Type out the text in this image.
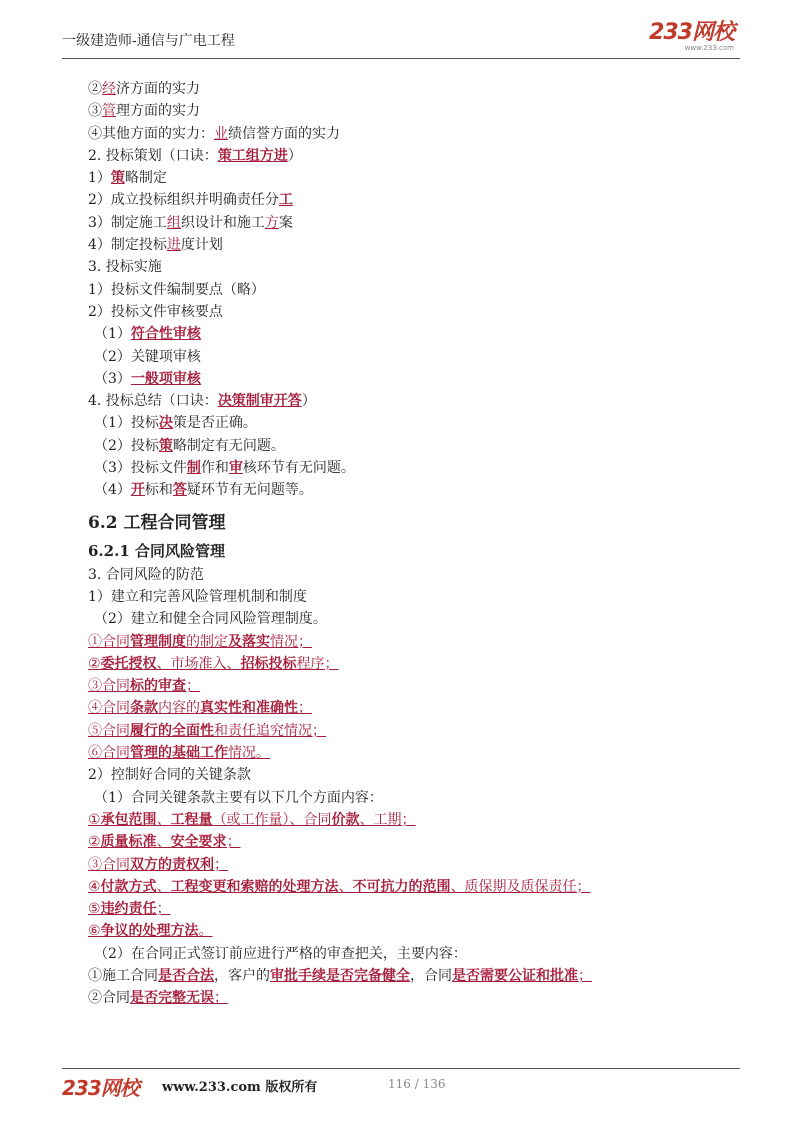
一级建造师-通信与广电工程	233网校
www.233.com
②经济方面的实力
③管理方面的实力
④其他方面的实力：业绩信誉方面的实力
2. 投标策划（口诀：策工组方进）
1）策略制定
2）成立投标组织并明确责任分工
3）制定施工组织设计和施工方案
4）制定投标进度计划
3. 投标实施
1）投标文件编制要点（略）
2）投标文件审核要点
（1）符合性审核
（2）关键项审核
（3）一般项审核
4. 投标总结（口诀：决策制审开答）
（1）投标决策是否正确。
（2）投标策略制定有无问题。
（3）投标文件制作和审核环节有无问题。
（4）开标和答疑环节有无问题等。
6.2 工程合同管理
6.2.1 合同风险管理
3. 合同风险的防范
1）建立和完善风险管理机制和制度
（2）建立和健全合同风险管理制度。
①合同管理制度的制定及落实情况；
②委托授权、市场准入、招标投标程序；
③合同标的审查；
④合同条款内容的真实性和准确性；
⑤合同履行的全面性和责任追究情况；
⑥合同管理的基础工作情况。
2）控制好合同的关键条款
（1）合同关键条款主要有以下几个方面内容：
①承包范围、工程量（或工作量）、合同价款、工期；
②质量标准、安全要求；
③合同双方的责权利；
④付款方式、工程变更和索赔的处理方法、不可抗力的范围、质保期及质保责任；
⑤违约责任；
⑥争议的处理方法。
（2）在合同正式签订前应进行严格的审查把关，主要内容：
①施工合同是否合法，客户的审批手续是否完备健全，合同是否需要公证和批准；
②合同是否完整无误；
233网校 www.233.com 版权所有	116 / 136
